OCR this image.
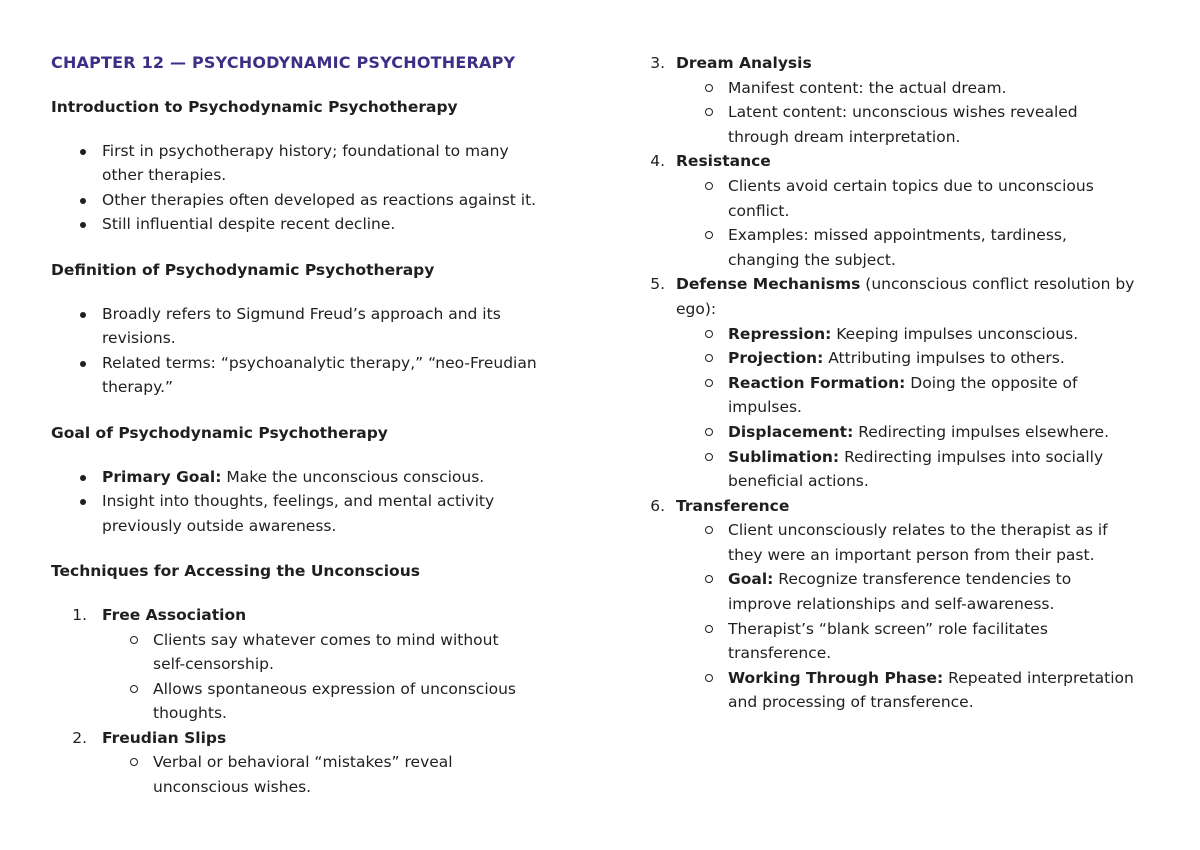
CHAPTER 12 — PSYCHODYNAMIC PSYCHOTHERAPY
Introduction to Psychodynamic Psychotherapy
First in psychotherapy history; foundational to many
other therapies.
Other therapies often developed as reactions against it.
Still influential despite recent decline.
Definition of Psychodynamic Psychotherapy
Broadly refers to Sigmund Freud’s approach and its
revisions.
Related terms: “psychoanalytic therapy,” “neo-Freudian
therapy.”
Goal of Psychodynamic Psychotherapy
Primary Goal: Make the unconscious conscious.
Insight into thoughts, feelings, and mental activity
previously outside awareness.
Techniques for Accessing the Unconscious
1. Free Association
Clients say whatever comes to mind without
self-censorship.
Allows spontaneous expression of unconscious
thoughts.
2. Freudian Slips
Verbal or behavioral “mistakes” reveal
unconscious wishes.
3. Dream Analysis
Manifest content: the actual dream.
Latent content: unconscious wishes revealed
through dream interpretation.
4. Resistance
Clients avoid certain topics due to unconscious
conflict.
Examples: missed appointments, tardiness,
changing the subject.
5. Defense Mechanisms (unconscious conflict resolution by
ego):
Repression: Keeping impulses unconscious.
Projection: Attributing impulses to others.
Reaction Formation: Doing the opposite of
impulses.
Displacement: Redirecting impulses elsewhere.
Sublimation: Redirecting impulses into socially
beneficial actions.
6. Transference
Client unconsciously relates to the therapist as if
they were an important person from their past.
Goal: Recognize transference tendencies to
improve relationships and self-awareness.
Therapist’s “blank screen” role facilitates
transference.
Working Through Phase: Repeated interpretation
and processing of transference.
